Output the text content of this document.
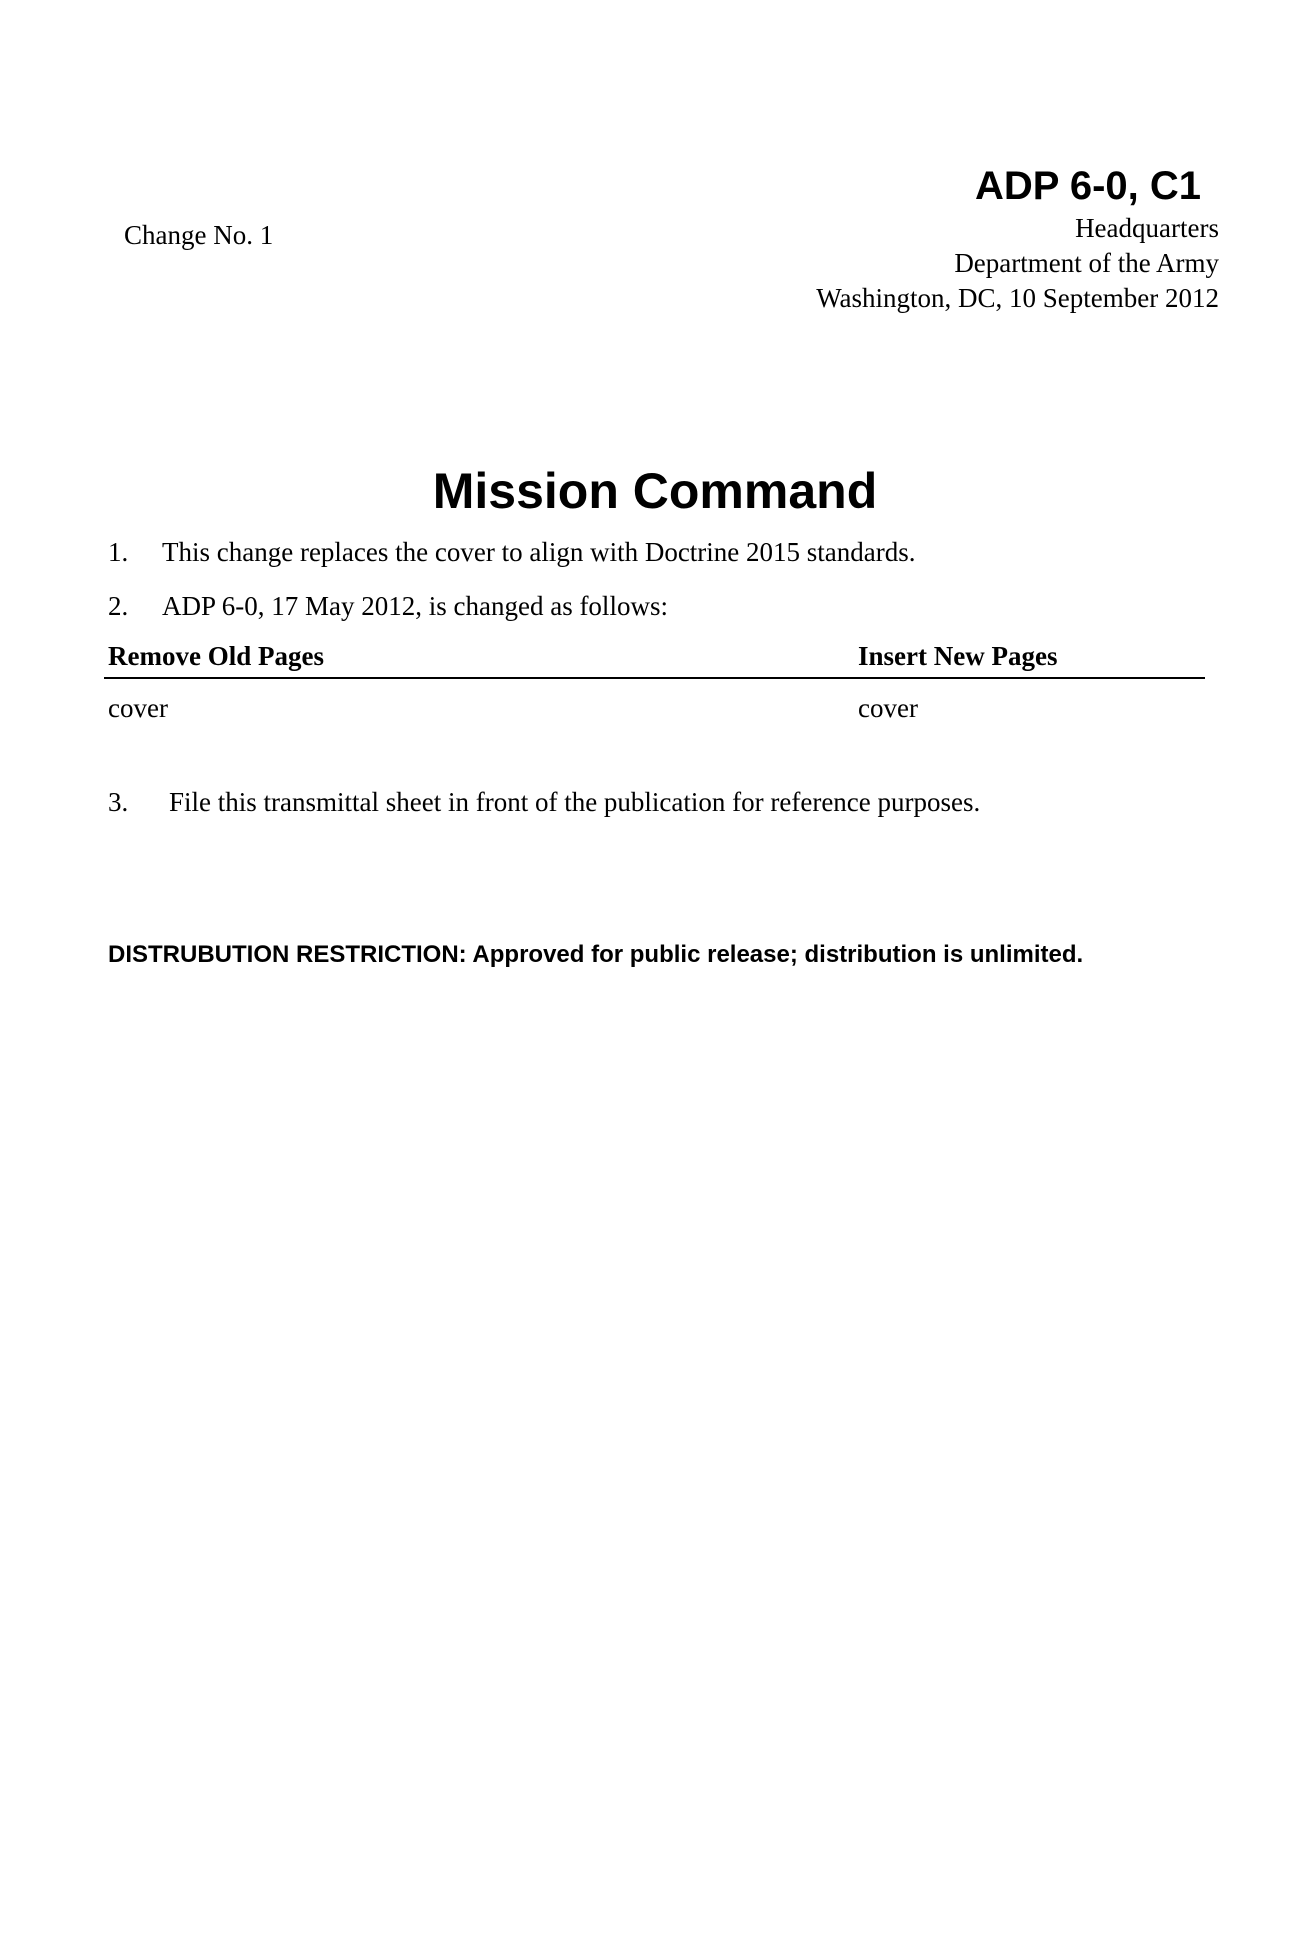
ADP 6-0, C1
Change No. 1	Headquarters
Department of the Army
Washington, DC, 10 September 2012
Mission Command
1. This change replaces the cover to align with Doctrine 2015 standards.
2. ADP 6-0, 17 May 2012, is changed as follows:
Remove Old Pages	Insert New Pages
cover	cover
3. File this transmittal sheet in front of the publication for reference purposes.
DISTRUBUTION RESTRICTION: Approved for public release; distribution is unlimited.
